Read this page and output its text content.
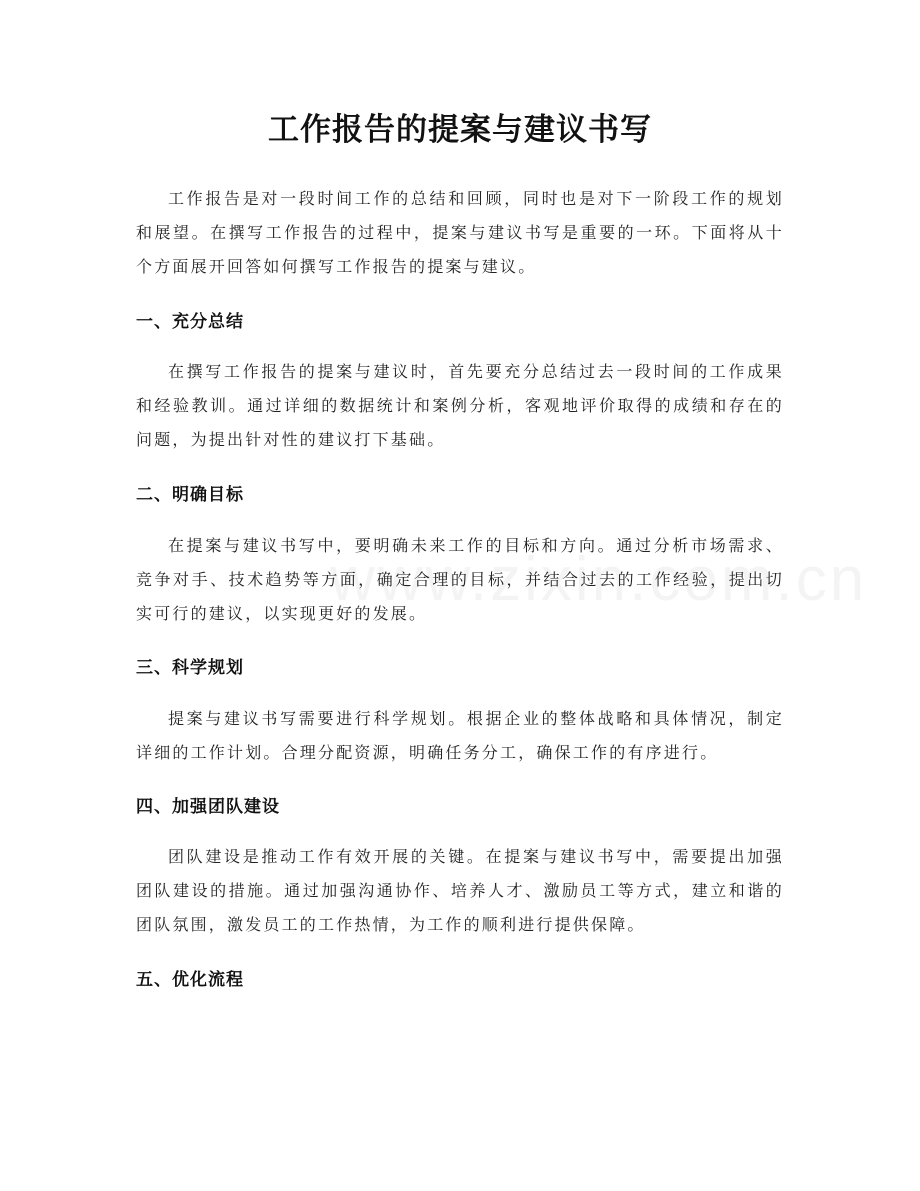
工作报告的提案与建议书写

工作报告是对一段时间工作的总结和回顾，同时也是对下一阶段工作的规划和展望。在撰写工作报告的过程中，提案与建议书写是重要的一环。下面将从十个方面展开回答如何撰写工作报告的提案与建议。

一、充分总结

在撰写工作报告的提案与建议时，首先要充分总结过去一段时间的工作成果和经验教训。通过详细的数据统计和案例分析，客观地评价取得的成绩和存在的问题，为提出针对性的建议打下基础。

二、明确目标

在提案与建议书写中，要明确未来工作的目标和方向。通过分析市场需求、竞争对手、技术趋势等方面，确定合理的目标，并结合过去的工作经验，提出切实可行的建议，以实现更好的发展。

三、科学规划

提案与建议书写需要进行科学规划。根据企业的整体战略和具体情况，制定详细的工作计划。合理分配资源，明确任务分工，确保工作的有序进行。

四、加强团队建设

团队建设是推动工作有效开展的关键。在提案与建议书写中，需要提出加强团队建设的措施。通过加强沟通协作、培养人才、激励员工等方式，建立和谐的团队氛围，激发员工的工作热情，为工作的顺利进行提供保障。

五、优化流程
